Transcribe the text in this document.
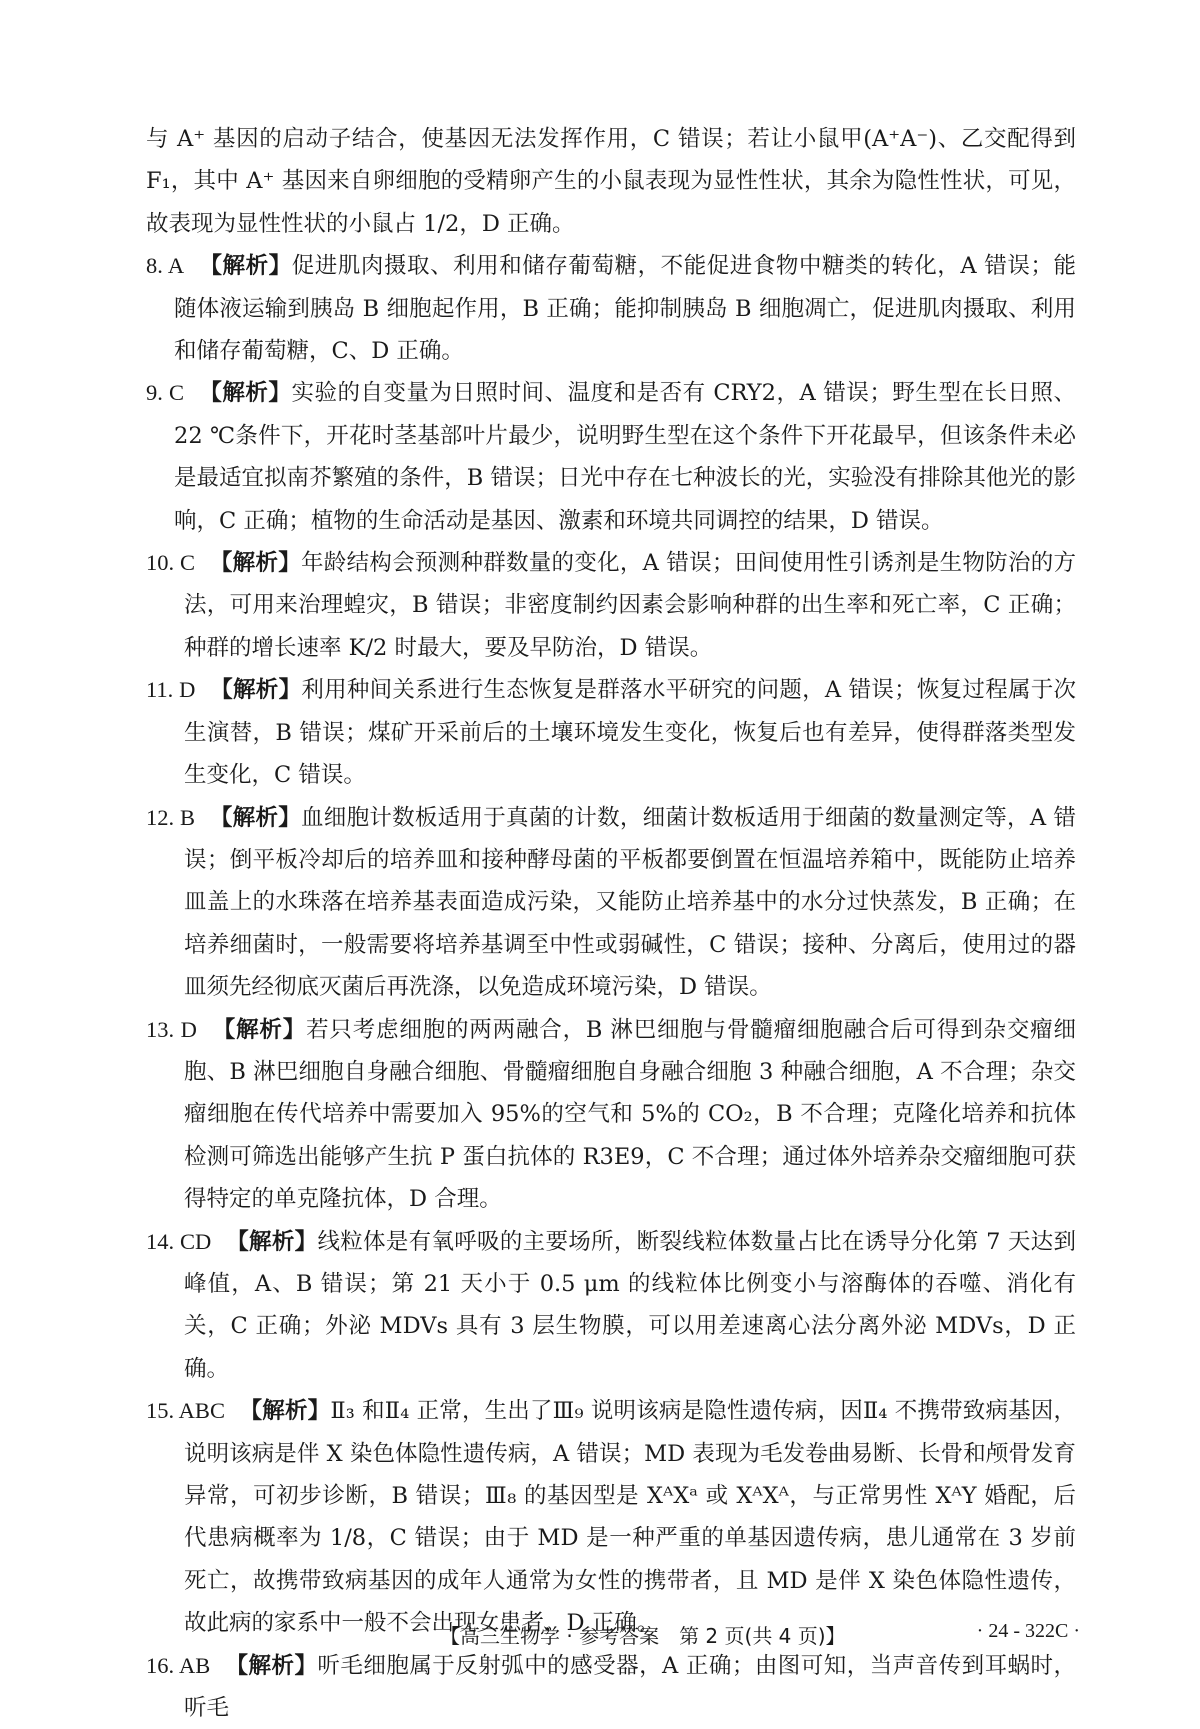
与 A⁺ 基因的启动子结合，使基因无法发挥作用，C 错误；若让小鼠甲(A⁺A⁻)、乙交配得到 F₁，其中 A⁺ 基因来自卵细胞的受精卵产生的小鼠表现为显性性状，其余为隐性性状，可见，故表现为显性性状的小鼠占 1/2，D 正确。

8. A 【解析】促进肌肉摄取、利用和储存葡萄糖，不能促进食物中糖类的转化，A 错误；能随体液运输到胰岛 B 细胞起作用，B 正确；能抑制胰岛 B 细胞凋亡，促进肌肉摄取、利用和储存葡萄糖，C、D 正确。

9. C 【解析】实验的自变量为日照时间、温度和是否有 CRY2，A 错误；野生型在长日照、22 ℃条件下，开花时茎基部叶片最少，说明野生型在这个条件下开花最早，但该条件未必是最适宜拟南芥繁殖的条件，B 错误；日光中存在七种波长的光，实验没有排除其他光的影响，C 正确；植物的生命活动是基因、激素和环境共同调控的结果，D 错误。

10. C 【解析】年龄结构会预测种群数量的变化，A 错误；田间使用性引诱剂是生物防治的方法，可用来治理蝗灾，B 错误；非密度制约因素会影响种群的出生率和死亡率，C 正确；种群的增长速率 K/2 时最大，要及早防治，D 错误。

11. D 【解析】利用种间关系进行生态恢复是群落水平研究的问题，A 错误；恢复过程属于次生演替，B 错误；煤矿开采前后的土壤环境发生变化，恢复后也有差异，使得群落类型发生变化，C 错误。

12. B 【解析】血细胞计数板适用于真菌的计数，细菌计数板适用于细菌的数量测定等，A 错误；倒平板冷却后的培养皿和接种酵母菌的平板都要倒置在恒温培养箱中，既能防止培养皿盖上的水珠落在培养基表面造成污染，又能防止培养基中的水分过快蒸发，B 正确；在培养细菌时，一般需要将培养基调至中性或弱碱性，C 错误；接种、分离后，使用过的器皿须先经彻底灭菌后再洗涤，以免造成环境污染，D 错误。

13. D 【解析】若只考虑细胞的两两融合，B 淋巴细胞与骨髓瘤细胞融合后可得到杂交瘤细胞、B 淋巴细胞自身融合细胞、骨髓瘤细胞自身融合细胞 3 种融合细胞，A 不合理；杂交瘤细胞在传代培养中需要加入 95%的空气和 5%的 CO₂，B 不合理；克隆化培养和抗体检测可筛选出能够产生抗 P 蛋白抗体的 R3E9，C 不合理；通过体外培养杂交瘤细胞可获得特定的单克隆抗体，D 合理。

14. CD 【解析】线粒体是有氧呼吸的主要场所，断裂线粒体数量占比在诱导分化第 7 天达到峰值，A、B 错误；第 21 天小于 0.5 μm 的线粒体比例变小与溶酶体的吞噬、消化有关，C 正确；外泌 MDVs 具有 3 层生物膜，可以用差速离心法分离外泌 MDVs，D 正确。

15. ABC 【解析】Ⅱ₃ 和Ⅱ₄ 正常，生出了Ⅲ₉ 说明该病是隐性遗传病，因Ⅱ₄ 不携带致病基因，说明该病是伴 X 染色体隐性遗传病，A 错误；MD 表现为毛发卷曲易断、长骨和颅骨发育异常，可初步诊断，B 错误；Ⅲ₈ 的基因型是 XᴬXᵃ 或 XᴬXᴬ，与正常男性 XᴬY 婚配，后代患病概率为 1/8，C 错误；由于 MD 是一种严重的单基因遗传病，患儿通常在 3 岁前死亡，故携带致病基因的成年人通常为女性的携带者，且 MD 是伴 X 染色体隐性遗传，故此病的家系中一般不会出现女患者，D 正确。

16. AB 【解析】听毛细胞属于反射弧中的感受器，A 正确；由图可知，当声音传到耳蜗时，听毛

【高三生物学 · 参考答案　第 2 页(共 4 页)】	· 24 - 322C ·
